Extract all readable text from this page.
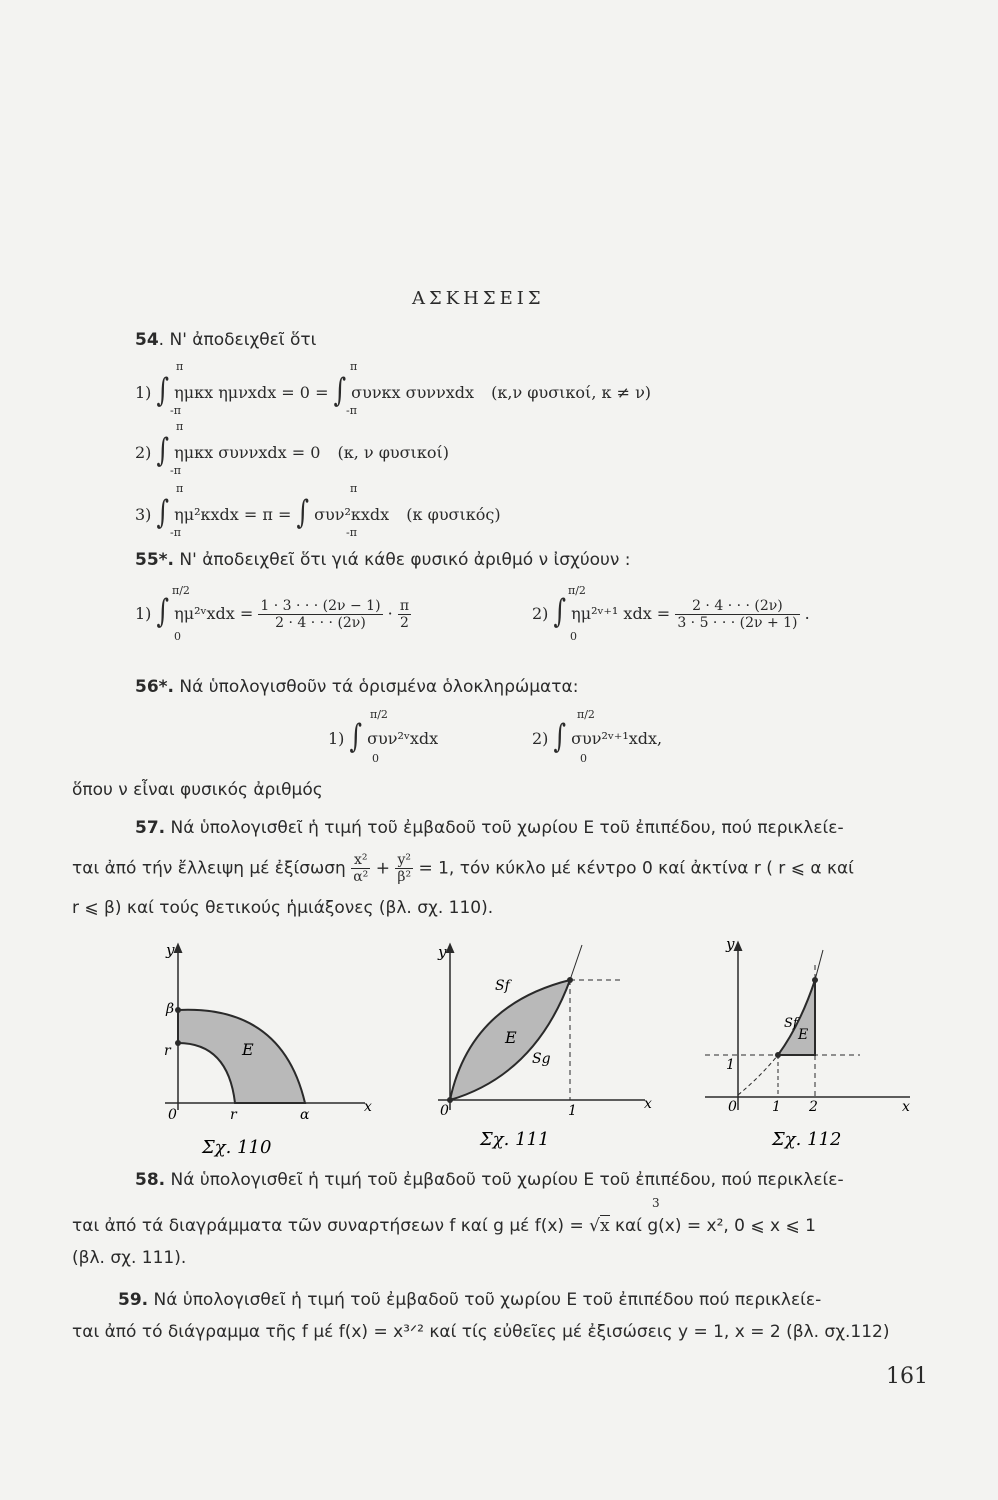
ΑΣΚΗΣΕΙΣ
54. Ν' ἀποδειχθεῖ ὅτι
π
1) ∫ ημκx ημνxdx = 0 = ∫ συνκx συννxdx (κ,ν φυσικοί, κ ≠ ν)
-π
π
-π
π
2) ∫ ημκx συννxdx = 0 (κ, ν φυσικοί)
-π
π
3) ∫ ημ²κxdx = π = ∫ συν²κxdx (κ φυσικός)
-π
π
-π
55*. Ν' ἀποδειχθεῖ ὅτι γιά κάθε φυσικό ἀριθμό ν ἰσχύουν :
π/2
1) ∫ ημ²ᵛxdx = $\frac{1 \cdot 3 \cdot \cdot \cdot (2\nu - 1)}{2 \cdot 4 \cdot \cdot \cdot (2\nu)} \cdot \frac{\pi}{2}$
0
π/2
2) ∫ ημ²ᵛ⁺¹ xdx = $\frac{2 \cdot 4 \cdot \cdot \cdot (2\nu)}{3 \cdot 5 \cdot \cdot \cdot (2\nu + 1)}$ .
0
56*. Νά ὑπολογισθοῦν τά ὁρισμένα ὁλοκληρώματα:
π/2
1) ∫ συν²ᵛxdx
0
π/2
2) ∫ συν²ᵛ⁺¹xdx,
0
ὅπου ν εἶναι φυσικός ἀριθμός
57. Νά ὑπολογισθεῖ ἡ τιμή τοῦ ἐμβαδοῦ τοῦ χωρίου Ε τοῦ ἐπιπέδου, πού περικλείε-
ται ἀπό τήν ἔλλειψη μέ ἐξίσωση $\frac{\text{x²}}{\text{α²}} + \frac{\text{y²}}{\text{β²}} = 1$, τόν κύκλο μέ κέντρο 0 καί ἀκτίνα r ( r ⩽ α καί
r ⩽ β) καί τούς θετικούς ἡμιάξονες (βλ. σχ. 110).
y
x
0
β
r
r	α
E
Σχ. 110
y
x
0	1
Sf
Sg
E
Σχ. 111
y
x
0
1
1 2
Sf
E
Σχ. 112
58. Νά ὑπολογισθεῖ ἡ τιμή τοῦ ἐμβαδοῦ τοῦ χωρίου Ε τοῦ ἐπιπέδου, πού περικλείε-
3
ται ἀπό τά διαγράμματα τῶν συναρτήσεων f καί g μέ f(x) = √x καί g(x) = x², 0 ⩽ x ⩽ 1
(βλ. σχ. 111).
59. Νά ὑπολογισθεῖ ἡ τιμή τοῦ ἐμβαδοῦ τοῦ χωρίου Ε τοῦ ἐπιπέδου πού περικλείε-
ται ἀπό τό διάγραμμα τῆς f μέ f(x) = x³ᐟ² καί τίς εὐθεῖες μέ ἐξισώσεις y = 1, x = 2 (βλ. σχ.112)
161
